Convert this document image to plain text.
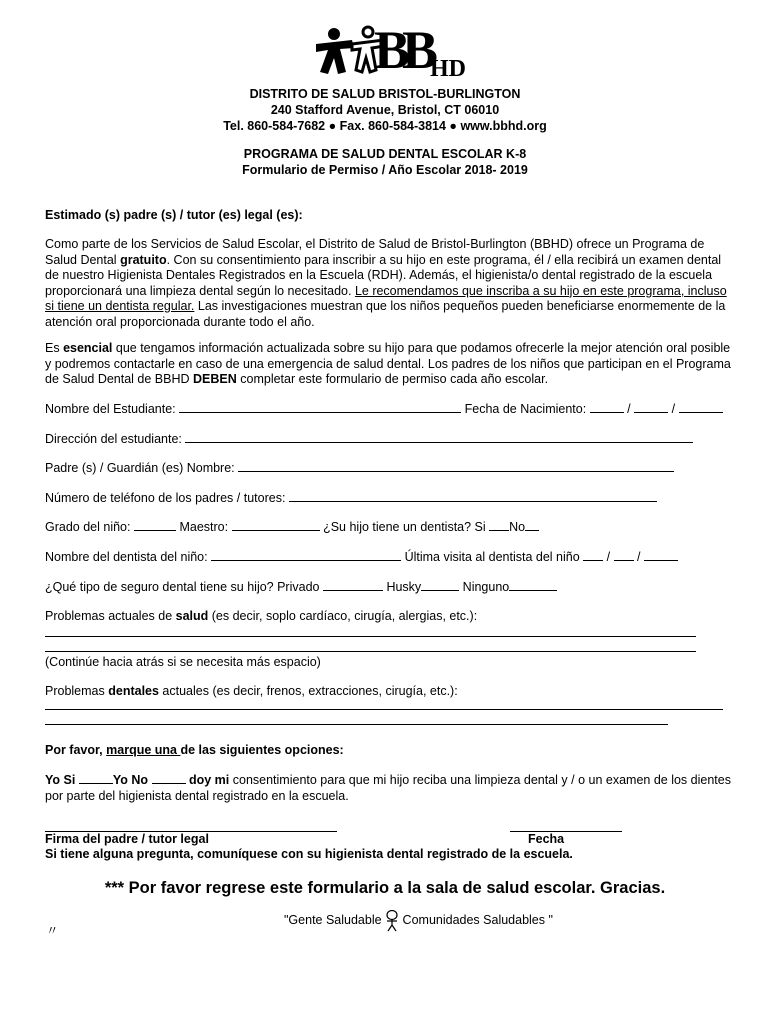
BB HD
DISTRITO DE SALUD BRISTOL-BURLINGTON
240 Stafford Avenue, Bristol, CT 06010
Tel. 860-584-7682 ● Fax. 860-584-3814 ● www.bbhd.org
PROGRAMA DE SALUD DENTAL ESCOLAR K-8
Formulario de Permiso / Año Escolar 2018- 2019
Estimado (s) padre (s) / tutor (es) legal (es):
Como parte de los Servicios de Salud Escolar, el Distrito de Salud de Bristol-Burlington (BBHD) ofrece un Programa de Salud Dental gratuito. Con su consentimiento para inscribir a su hijo en este programa, él / ella recibirá un examen dental de nuestro Higienista Dentales Registrados en la Escuela (RDH). Además, el higienista/o dental registrado de la escuela proporcionará una limpieza dental según lo necesitado. Le recomendamos que inscriba a su hijo en este programa, incluso si tiene un dentista regular. Las investigaciones muestran que los niños pequeños pueden beneficiarse enormemente de la atención oral proporcionada durante todo el año.
Es esencial que tengamos información actualizada sobre su hijo para que podamos ofrecerle la mejor atención oral posible y podremos contactarle en caso de una emergencia de salud dental. Los padres de los niños que participan en el Programa de Salud Dental de BBHD DEBEN completar este formulario de permiso cada año escolar.
Nombre del Estudiante:	Fecha de Nacimiento:	/	/
Dirección del estudiante:
Padre (s) / Guardián (es) Nombre:
Número de teléfono de los padres / tutores:
Grado del niño:	Maestro:	¿Su hijo tiene un dentista? Si No
Nombre del dentista del niño:	Última visita al dentista del niño  /  /
¿Qué tipo de seguro dental tiene su hijo? Privado	Husky	Ninguno
Problemas actuales de salud (es decir, soplo cardíaco, cirugía, alergias, etc.):
(Continúe hacia atrás si se necesita más espacio)
Problemas dentales actuales (es decir, frenos, extracciones, cirugía, etc.):
Por favor, marque una de las siguientes opciones:
Yo Si	Yo No	doy mi consentimiento para que mi hijo reciba una limpieza dental y / o un examen de los dientes por parte del higienista dental registrado en la escuela.
Firma del padre / tutor legal	Fecha
Si tiene alguna pregunta, comuníquese con su higienista dental registrado de la escuela.
*** Por favor regrese este formulario a la sala de salud escolar. Gracias.
"Gente Saludable Comunidades Saludables "
〃
